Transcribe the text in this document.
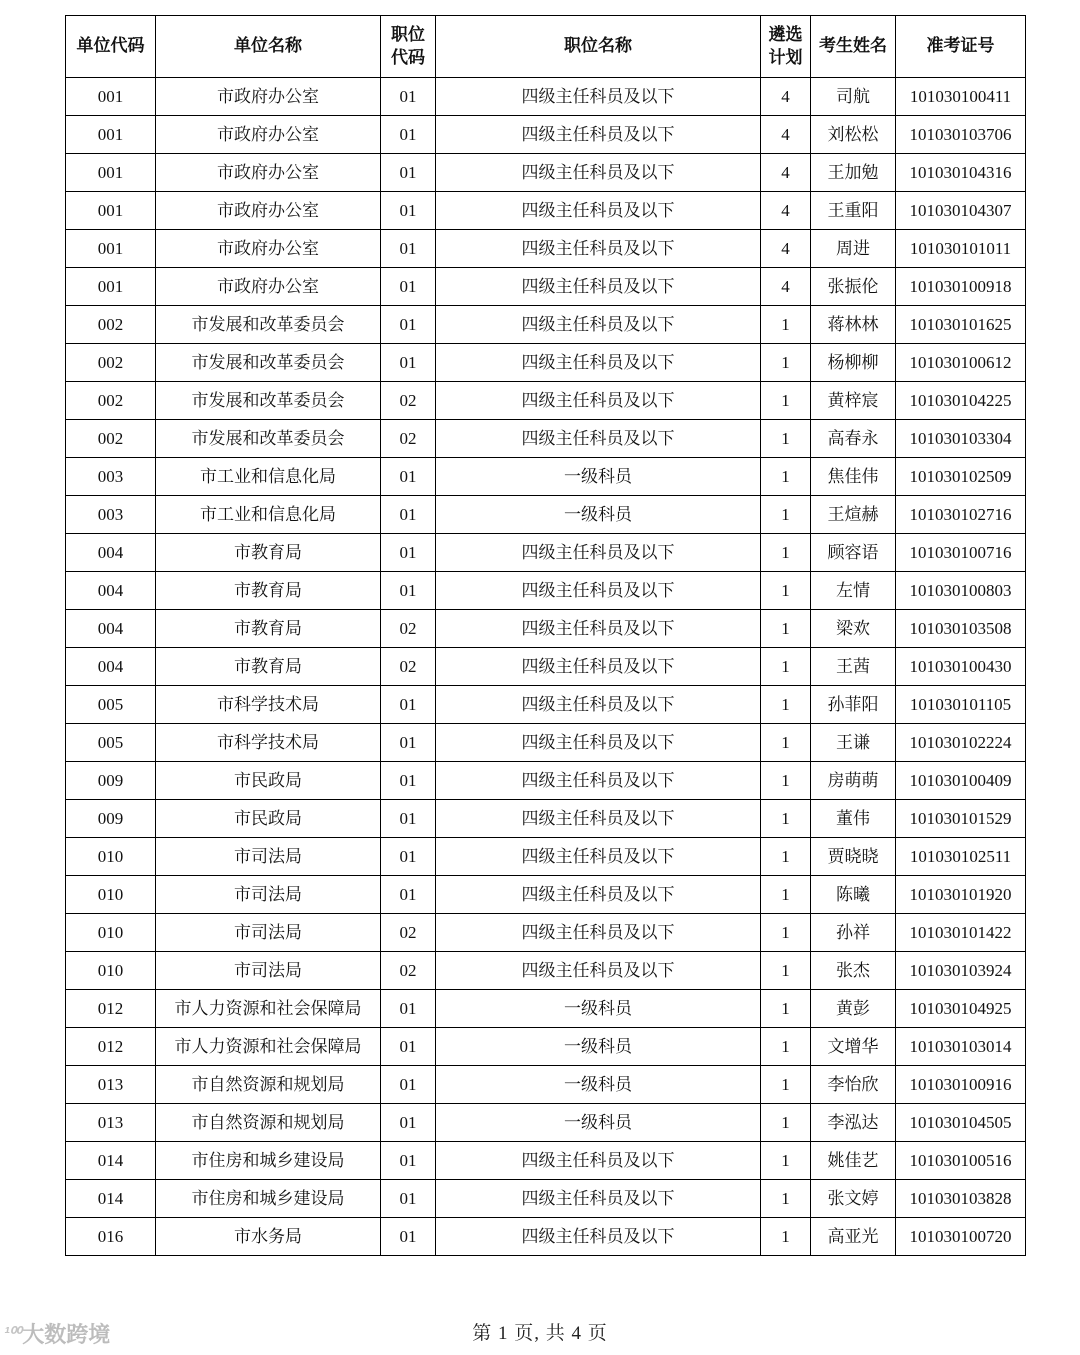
单位代码	单位名称	职位代码	职位名称	遴选计划	考生姓名	准考证号
001	市政府办公室	01	四级主任科员及以下	4	司航	101030100411
001	市政府办公室	01	四级主任科员及以下	4	刘松松	101030103706
001	市政府办公室	01	四级主任科员及以下	4	王加勉	101030104316
001	市政府办公室	01	四级主任科员及以下	4	王重阳	101030104307
001	市政府办公室	01	四级主任科员及以下	4	周进	101030101011
001	市政府办公室	01	四级主任科员及以下	4	张振伦	101030100918
002	市发展和改革委员会	01	四级主任科员及以下	1	蒋林林	101030101625
002	市发展和改革委员会	01	四级主任科员及以下	1	杨柳柳	101030100612
002	市发展和改革委员会	02	四级主任科员及以下	1	黄梓宸	101030104225
002	市发展和改革委员会	02	四级主任科员及以下	1	高春永	101030103304
003	市工业和信息化局	01	一级科员	1	焦佳伟	101030102509
003	市工业和信息化局	01	一级科员	1	王煊赫	101030102716
004	市教育局	01	四级主任科员及以下	1	顾容语	101030100716
004	市教育局	01	四级主任科员及以下	1	左情	101030100803
004	市教育局	02	四级主任科员及以下	1	梁欢	101030103508
004	市教育局	02	四级主任科员及以下	1	王茜	101030100430
005	市科学技术局	01	四级主任科员及以下	1	孙菲阳	101030101105
005	市科学技术局	01	四级主任科员及以下	1	王谦	101030102224
009	市民政局	01	四级主任科员及以下	1	房萌萌	101030100409
009	市民政局	01	四级主任科员及以下	1	董伟	101030101529
010	市司法局	01	四级主任科员及以下	1	贾晓晓	101030102511
010	市司法局	01	四级主任科员及以下	1	陈曦	101030101920
010	市司法局	02	四级主任科员及以下	1	孙祥	101030101422
010	市司法局	02	四级主任科员及以下	1	张杰	101030103924
012	市人力资源和社会保障局	01	一级科员	1	黄彭	101030104925
012	市人力资源和社会保障局	01	一级科员	1	文增华	101030103014
013	市自然资源和规划局	01	一级科员	1	李怡欣	101030100916
013	市自然资源和规划局	01	一级科员	1	李泓达	101030104505
014	市住房和城乡建设局	01	四级主任科员及以下	1	姚佳艺	101030100516
014	市住房和城乡建设局	01	四级主任科员及以下	1	张文婷	101030103828
016	市水务局	01	四级主任科员及以下	1	高亚光	101030100720
第 1 页, 共 4 页
¹⁰⁰ 大数跨境
